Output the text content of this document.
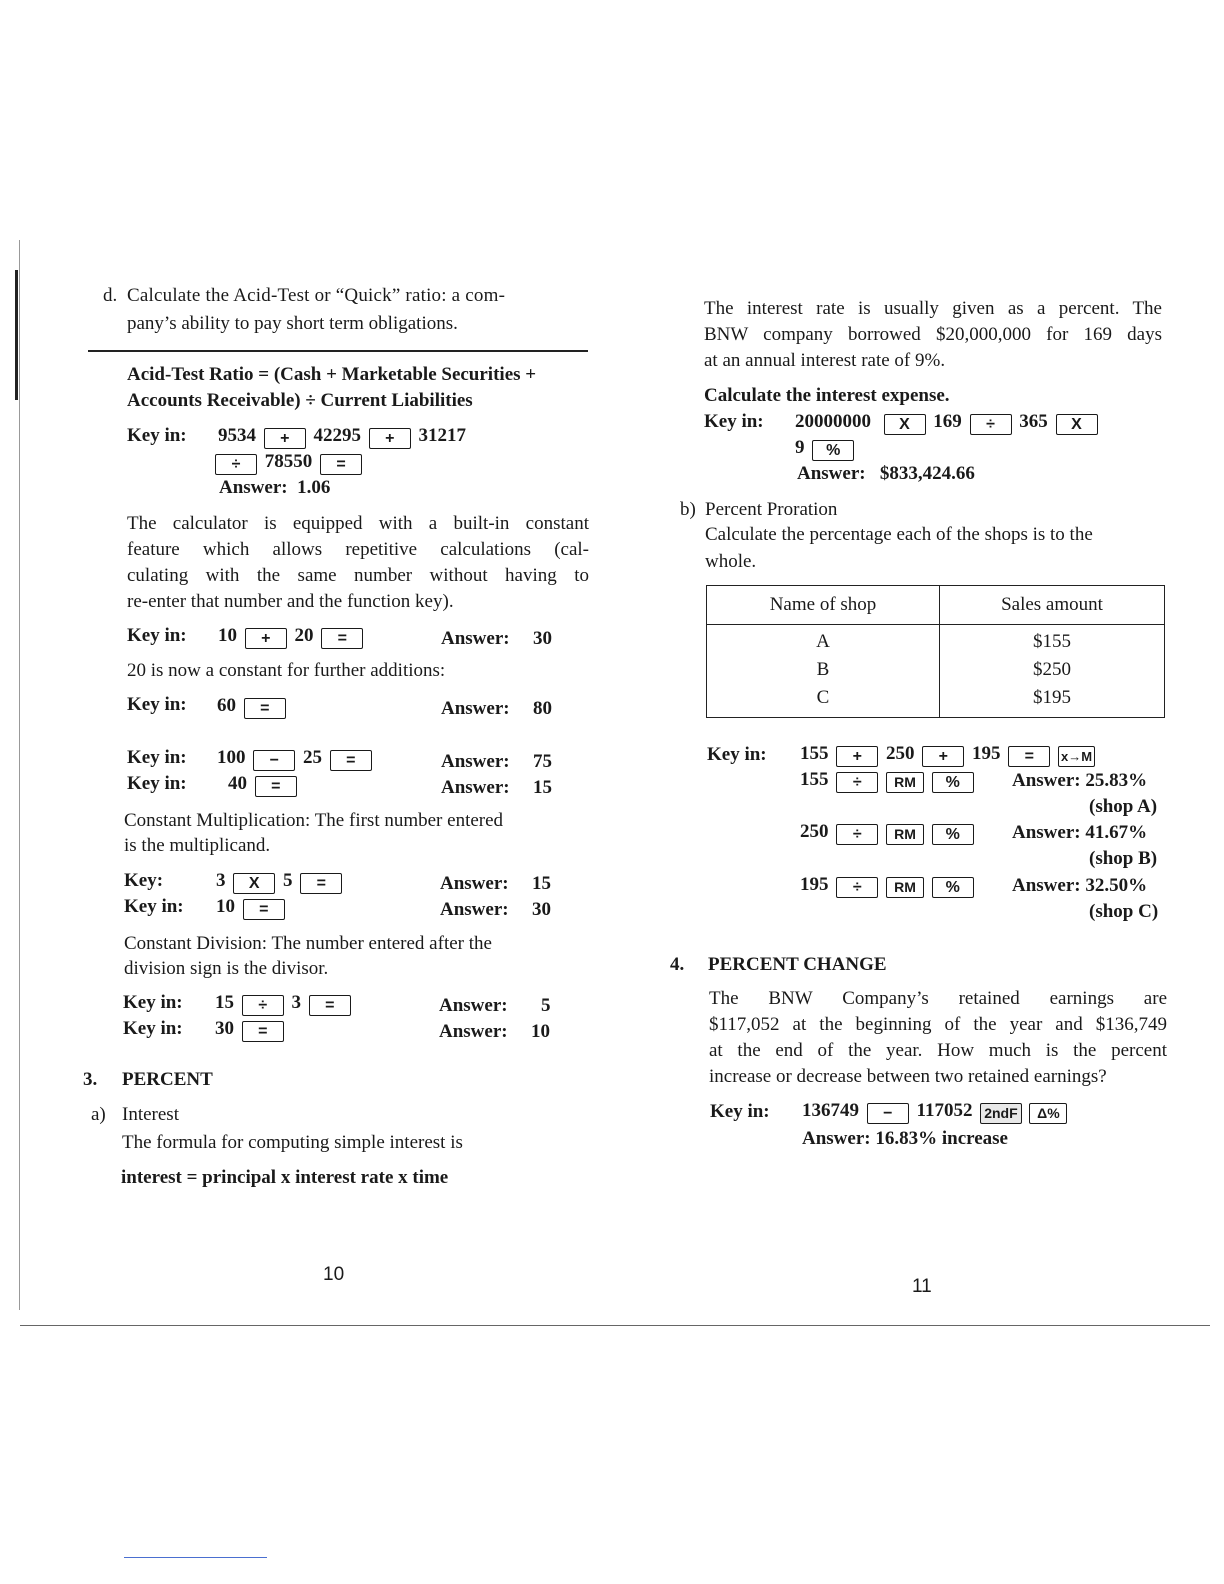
d. Calculate the Acid-Test or “Quick” ratio: a com-
pany’s ability to pay short term obligations.
Acid-Test Ratio = (Cash + Marketable Securities +
Accounts Receivable) ÷ Current Liabilities
Key in: 9534 + 42295 + 31217
÷ 78550 =
Answer: 1.06
The calculator is equipped with a built-in constant
feature which allows repetitive calculations (cal-
culating with the same number without having to
re-enter that number and the function key).
Key in: 10 + 20 =	Answer: 30
20 is now a constant for further additions:
Key in: 60 =	Answer: 80
Key in: 100 − 25 =	Answer: 75
Key in: 40 =	Answer: 15
Constant Multiplication: The first number entered
is the multiplicand.
Key:	3 X 5 =	Answer: 15
Key in: 10 =	Answer: 30
Constant Division: The number entered after the
division sign is the divisor.
Key in: 15 ÷ 3 =	Answer: 5
Key in: 30 =	Answer: 10
3. PERCENT
a) Interest
The formula for computing simple interest is
interest = principal x interest rate x time
10
The interest rate is usually given as a percent. The
BNW company borrowed $20,000,000 for 169 days
at an annual interest rate of 9%.
Calculate the interest expense.
Key in: 20000000 X 169 ÷ 365 X
9 %
Answer: $833,424.66
b) Percent Proration
Calculate the percentage each of the shops is to the
whole.
Name of shop	Sales amount
A	$155
B	$250
C	$195
Key in: 155 + 250 + 195 = x→M
155 ÷ RM %	Answer: 25.83%
(shop A)
250 ÷ RM %	Answer: 41.67%
(shop B)
195 ÷ RM %	Answer: 32.50%
(shop C)
4. PERCENT CHANGE
The BNW Company’s retained earnings are
$117,052 at the beginning of the year and $136,749
at the end of the year. How much is the percent
increase or decrease between two retained earnings?
Key in: 136749 − 117052 2ndF Δ%
Answer: 16.83% increase
11
